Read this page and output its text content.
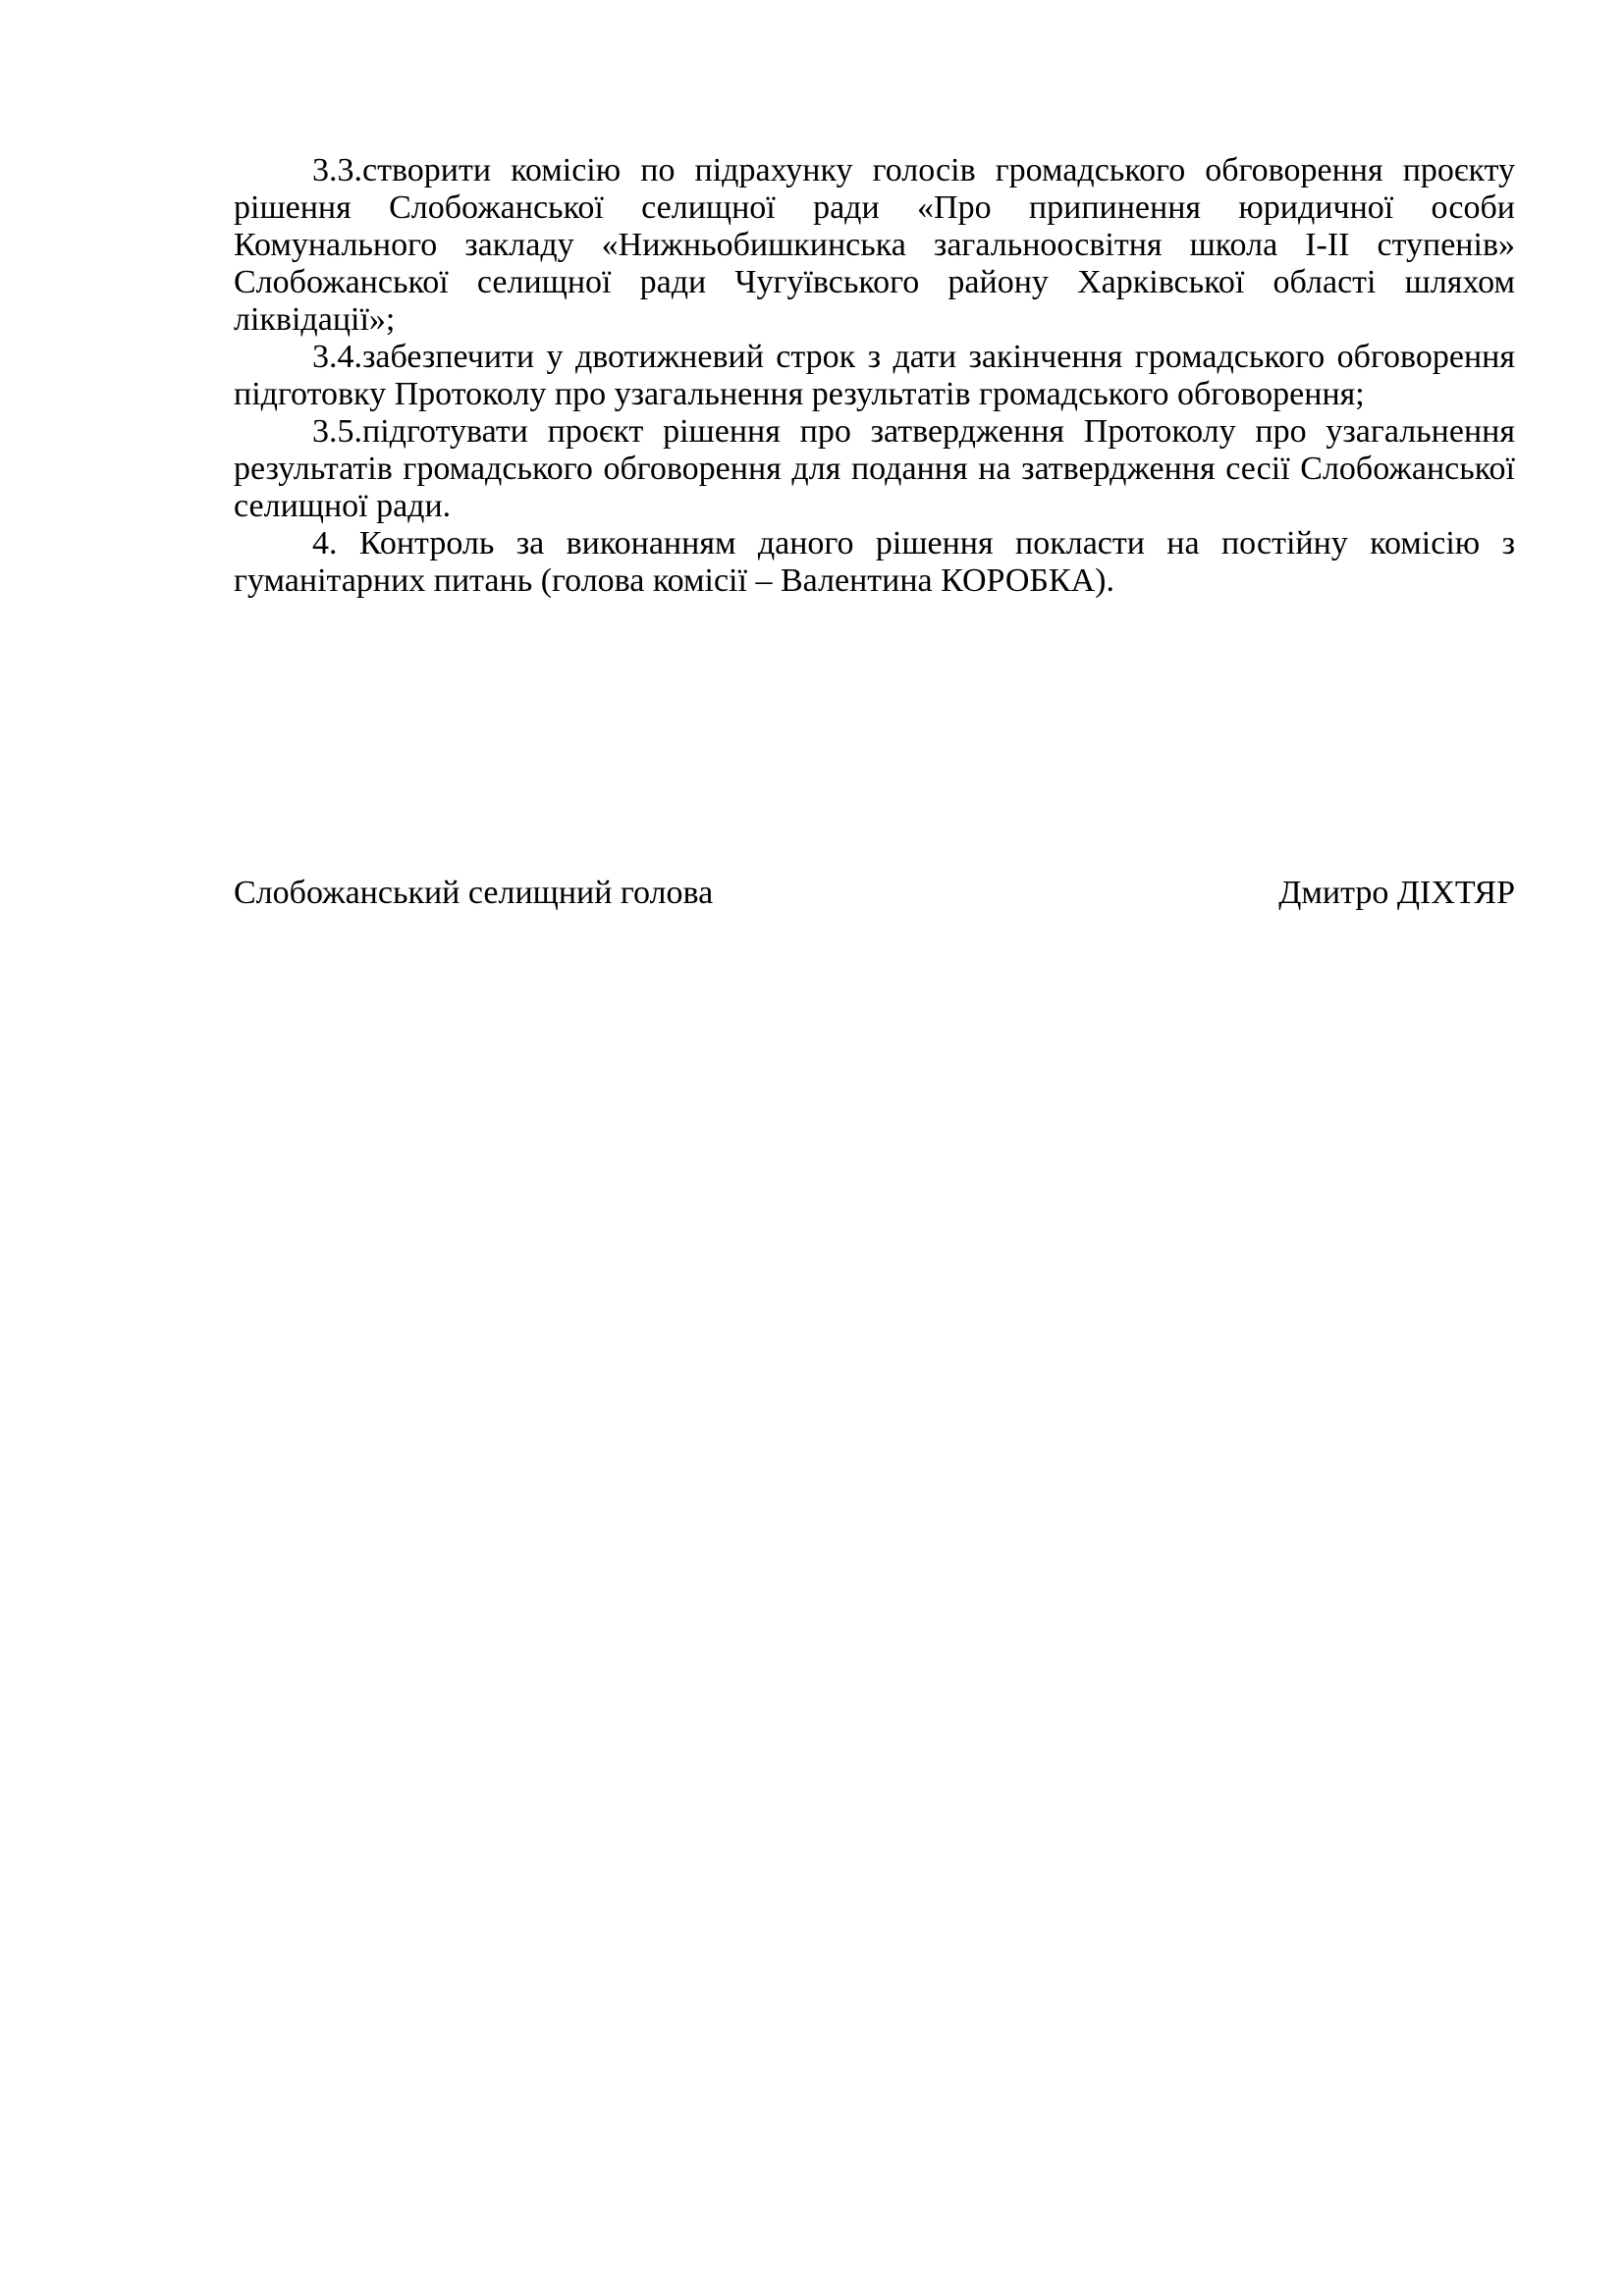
3.3.створити комісію по підрахунку голосів громадського обговорення проєкту рішення Слобожанської селищної ради «Про припинення юридичної особи Комунального закладу «Нижньобишкинська загальноосвітня школа І-ІІ ступенів» Слобожанської селищної ради Чугуївського району Харківської області шляхом ліквідації»;

3.4.забезпечити у двотижневий строк з дати закінчення громадського обговорення підготовку Протоколу про узагальнення результатів громадського обговорення;

3.5.підготувати проєкт рішення про затвердження Протоколу про узагальнення результатів громадського обговорення для подання на затвердження сесії Слобожанської селищної ради.

4. Контроль за виконанням даного рішення покласти на постійну комісію з гуманітарних питань (голова комісії – Валентина КОРОБКА).

Слобожанський селищний голова	Дмитро ДІХТЯР
